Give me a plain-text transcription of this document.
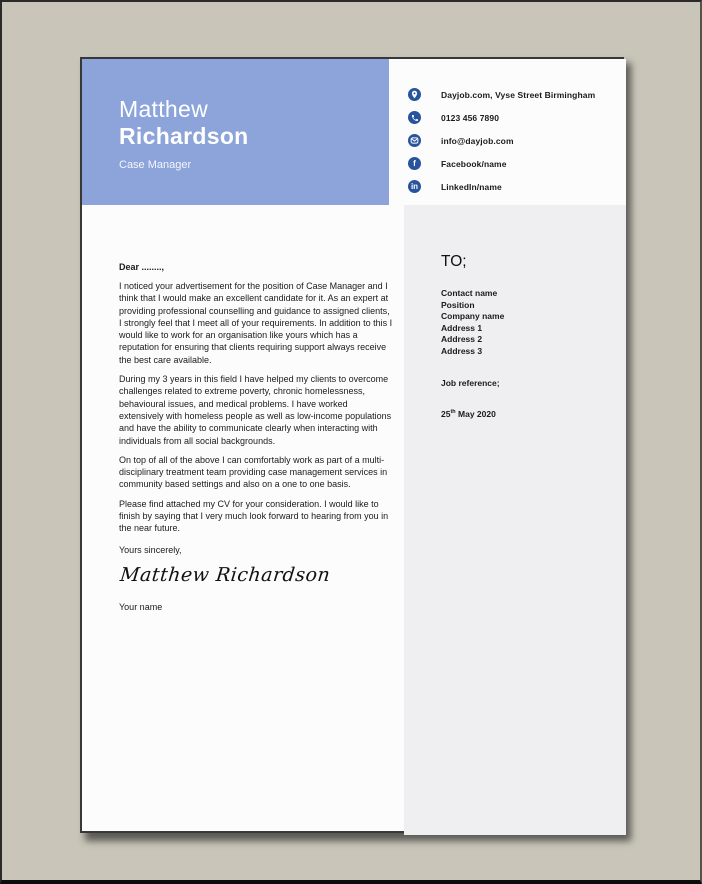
Matthew
Richardson
Case Manager
Dayjob.com, Vyse Street Birmingham
0123 456 7890
info@dayjob.com
f	Facebook/name
in	LinkedIn/name
TO;
Contact name
Position
Company name
Address 1
Address 2
Address 3
Job reference;
25th May 2020
Dear ........,

I noticed your advertisement for the position of Case Manager and I think that I would make an excellent candidate for it. As an expert at providing professional counselling and guidance to assigned clients, I strongly feel that I meet all of your requirements. In addition to this I would like to work for an organisation like yours which has a reputation for ensuring that clients requiring support always receive the best care available.

During my 3 years in this field I have helped my clients to overcome challenges related to extreme poverty, chronic homelessness, behavioural issues, and medical problems. I have worked extensively with homeless people as well as low-income populations and have the ability to communicate clearly when interacting with individuals from all social backgrounds.

On top of all of the above I can comfortably work as part of a multi-disciplinary treatment team providing case management services in community based settings and also on a one to one basis.

Please find attached my CV for your consideration. I would like to finish by saying that I very much look forward to hearing from you in the near future.

Yours sincerely,
Matthew Richardson
Your name
